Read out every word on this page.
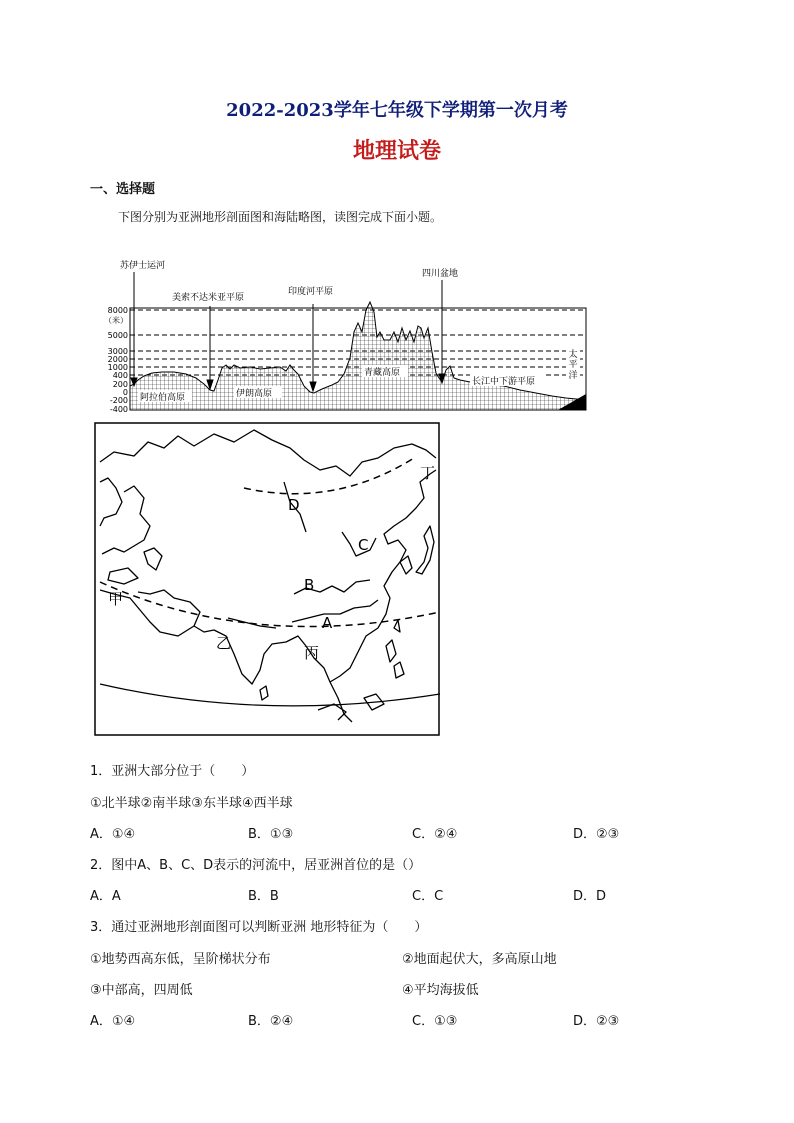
2022-2023学年七年级下学期第一次月考
地理试卷
一、选择题
下图分别为亚洲地形剖面图和海陆略图，读图完成下面小题。
苏伊士运河
美索不达米亚平原
印度河平原
四川盆地
8000
（米）
5000
3000
2000
1000
400
200
0
-200
-400
阿拉伯高原	伊朗高原
青藏高原
长江中下游平原
太
平
洋
丁
D
C
B
A
甲
乙
丙
1．亚洲大部分位于（　　）
①北半球②南半球③东半球④西半球
A．①④	B．①③	C．②④	D．②③
2．图中A、B、C、D表示的河流中，居亚洲首位的是（）
A．A	B．B	C．C	D．D
3．通过亚洲地形剖面图可以判断亚洲 地形特征为（　　）
①地势西高东低，呈阶梯状分布	②地面起伏大，多高原山地
③中部高，四周低	④平均海拔低
A．①④	B．②④	C．①③	D．②③
